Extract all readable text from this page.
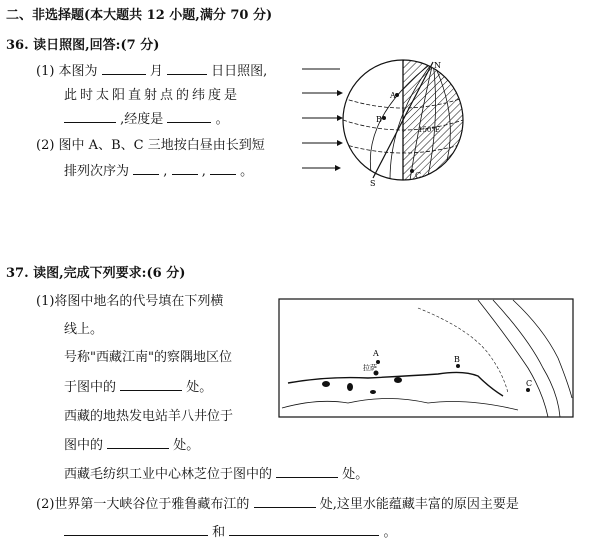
二、非选择题(本大题共 12 小题,满分 70 分)
36. 读日照图,回答:(7 分)
(1) 本图为	月	日日照图,
此时太阳直射点的纬度是
,经度是	。
(2) 图中 A、B、C 三地按白昼由长到短
排列次序为	,	,	。
N
S
A
B
C
150°E
37. 读图,完成下列要求:(6 分)
(1)将图中地名的代号填在下列横
线上。
号称"西藏江南"的察隅地区位
于图中的	处。
西藏的地热发电站羊八井位于
图中的	处。
西藏毛纺织工业中心林芝位于图中的	处。
(2)世界第一大峡谷位于雅鲁藏布江的	处,这里水能蕴藏丰富的原因主要是
和	。
A
拉萨
B
C
